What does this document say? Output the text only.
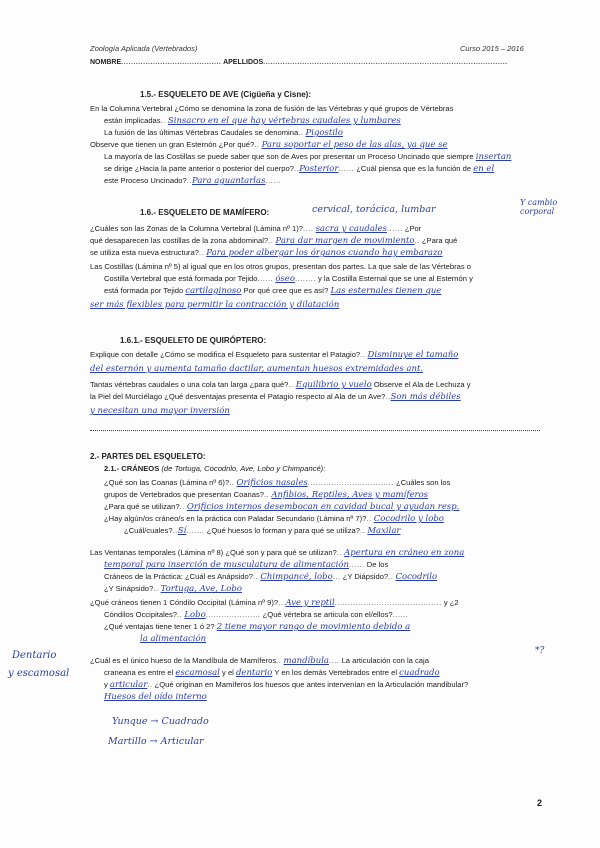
Zoología Aplicada (Vertebrados)	Curso 2015 – 2016
NOMBRE......................................... APELLIDOS....................................................................................................
1.5.- ESQUELETO DE AVE (Cigüeña y Cisne):
En la Columna Vertebral ¿Cómo se denomina la zona de fusión de las Vértebras y qué grupos de Vértebras
están implicadas.. Sinsacro en el que hay vértebras caudales y lumbares
La fusión de las últimas Vértebras Caudales se denomina.. Pigostilo
Observe que tienen un gran Esternón ¿Por qué?.. Para soportar el peso de las alas, ya que se
La mayoría de las Costillas se puede saber que son de Aves por presentar un Proceso Uncinado que siempre insertan
se dirige ¿Hacia la parte anterior o posterior del cuerpo?..Posterior...... ¿Cuál piensa que es la función de en el
este Proceso Uncinado?..Para aguantarlas......
1.6.- ESQUELETO DE MAMÍFERO:	cervical, torácica, lumbar
Y cambio corporal
¿Cuáles son las Zonas de la Columna Vertebral (Lámina nº 1)?.... sacra y caudales...... ¿Por
qué desaparecen las costillas de la zona abdominal?.. Para dar margen de movimiento.. ¿Para qué
se utiliza esta nueva estructura?.. Para poder albergar los órganos cuando hay embarazo
Las Costillas (Lámina nº 5) al igual que en los otros grupos, presentan dos partes. La que sale de las Vértebras o
Costilla Vertebral que está formada por Tejido...... óseo........ y la Costilla Esternal que se une al Esternón y
está formada por Tejido cartilaginoso Por qué cree que es así? Las esternales tienen que
ser más flexibles para permitir la contracción y dilatación
1.6.1.- ESQUELETO DE QUIRÓPTERO:
Explique con detalle ¿Cómo se modifica el Esqueleto para sustentar el Patagio?.. Disminuye el tamaño
del esternón y aumenta tamaño dactilar, aumentan huesos extremidades ant.
Tantas vértebras caudales o una cola tan larga ¿para qué?.. Equilibrio y vuelo Observe el Ala de Lechuza y
la Piel del Murciélago ¿Qué desventajas presenta el Patagio respecto al Ala de un Ave?..Son más débiles
y necesitan una mayor inversión
2.- PARTES DEL ESQUELETO:
2.1.- CRÁNEOS (de Tortuga, Cocodrilo, Ave, Lobo y Chimpancé):
¿Qué son las Coanas (Lámina nº 6)?.. Orificios nasales................................. ¿Cuáles son los
grupos de Vertebrados que presentan Coanas?.. Anfibios, Reptiles, Aves y mamíferos
¿Para qué se utilizan?.. Orificios internos desembocan en cavidad bucal y ayudan resp.
¿Hay algún/os cráneo/s en la práctica con Paladar Secundario (Lámina nº 7)?.. Cocodrilo y lobo
¿Cuál/cuales?..Sí....... ¿Qué huesos lo forman y para qué se utiliza?.. Maxilar
Las Ventanas temporales (Lámina nº 8) ¿Qué son y para qué se utilizan?.. Apertura en cráneo en zona
temporal para inserción de musculatura de alimentación...... De los
Cráneos de la Práctica: ¿Cuál es Anápsido?.. Chimpancé, lobo... ¿Y Diápsido?.. Cocodrilo
¿Y Sinápsido?.. Tortuga, Ave, Lobo
¿Qué cráneos tienen 1 Cóndilo Occipital (Lámina nº 9)?.. Ave y reptil......................................... y ¿2
Cóndilos Occipitales?.. Lobo..................... ¿Qué vértebra se articula con el/ellos?......
¿Qué ventajas tiene tener 1 ó 2? 2 tiene mayor rango de movimiento debido a
la alimentación
Dentario
y escamosal
*?
¿Cuál es el único hueso de la Mandíbula de Mamíferos.. mandíbula.... La articulación con la caja
craneana es entre el escamosal y el dentario Y en los demás Vertebrados entre el cuadrado
y articular.. ¿Qué originan en Mamíferos los huesos que antes intervenían en la Articulación mandibular?
Huesos del oído interno
Yunque → Cuadrado
Martillo → Articular
2
